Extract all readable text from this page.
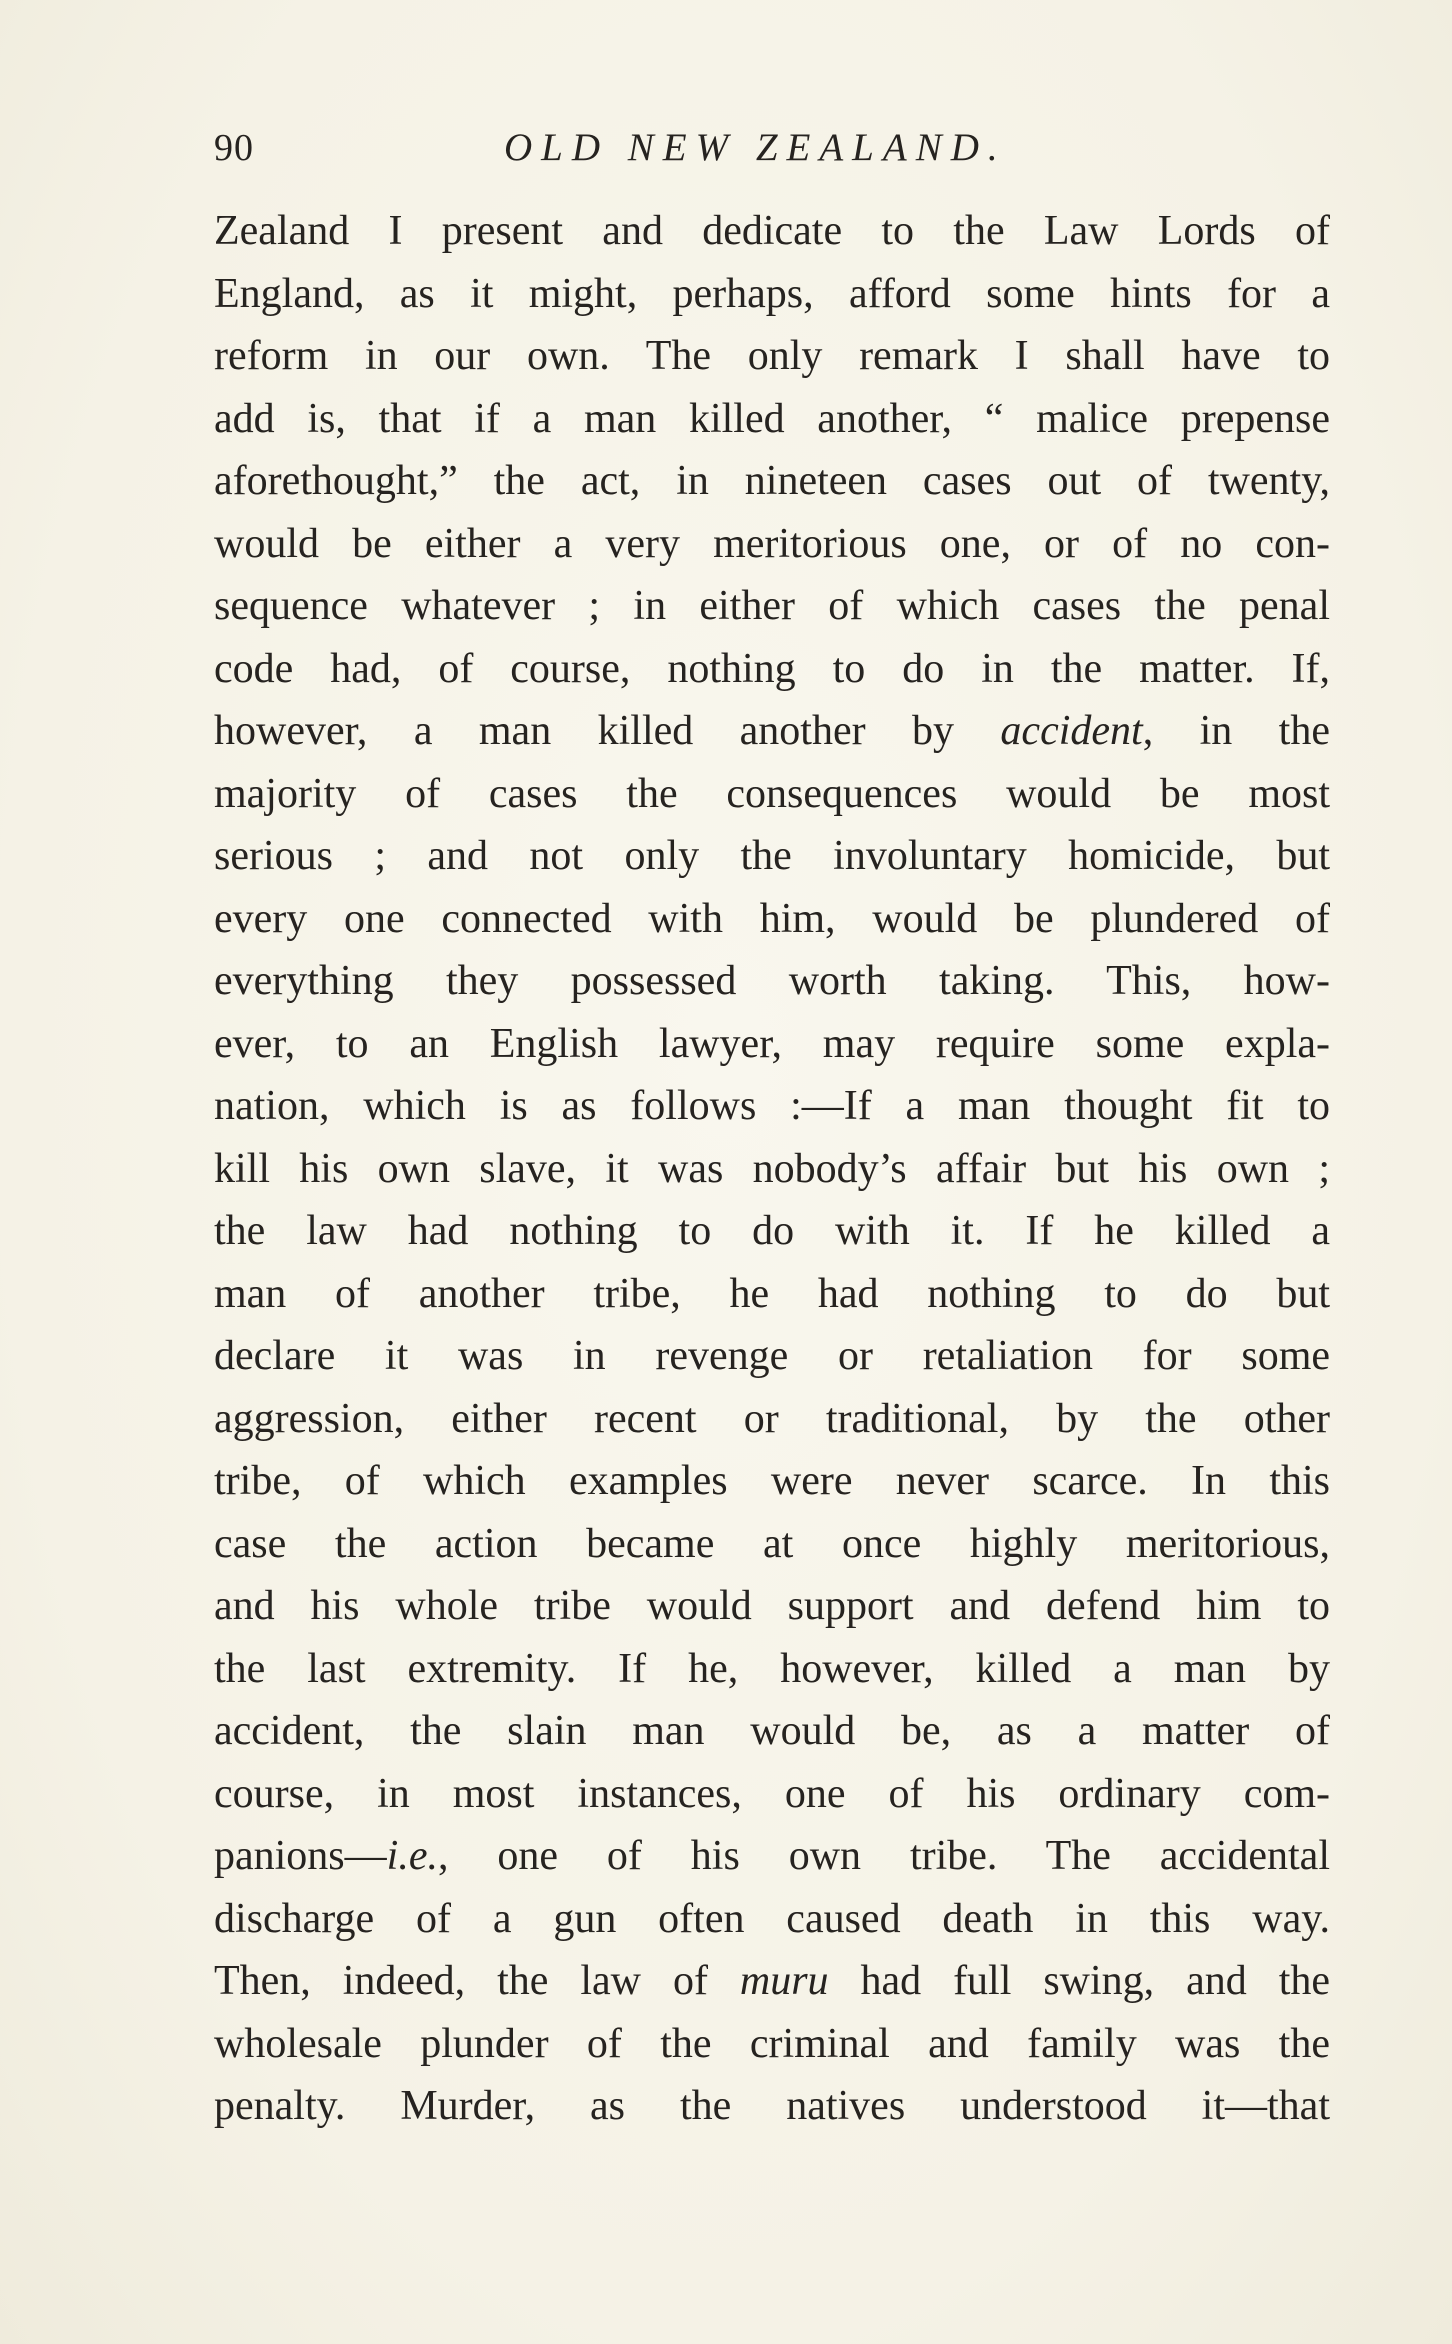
90	OLD NEW ZEALAND.
Zealand I present and dedicate to the Law Lords of
England, as it might, perhaps, afford some hints for a
reform in our own. The only remark I shall have to
add is, that if a man killed another, “ malice prepense
aforethought,” the act, in nineteen cases out of twenty,
would be either a very meritorious one, or of no con-
sequence whatever ; in either of which cases the penal
code had, of course, nothing to do in the matter. If,
however, a man killed another by accident, in the
majority of cases the consequences would be most
serious ; and not only the involuntary homicide, but
every one connected with him, would be plundered of
everything they possessed worth taking. This, how-
ever, to an English lawyer, may require some expla-
nation, which is as follows :—If a man thought fit to
kill his own slave, it was nobody’s affair but his own ;
the law had nothing to do with it. If he killed a
man of another tribe, he had nothing to do but
declare it was in revenge or retaliation for some
aggression, either recent or traditional, by the other
tribe, of which examples were never scarce. In this
case the action became at once highly meritorious,
and his whole tribe would support and defend him to
the last extremity. If he, however, killed a man by
accident, the slain man would be, as a matter of
course, in most instances, one of his ordinary com-
panions—i.e., one of his own tribe. The accidental
discharge of a gun often caused death in this way.
Then, indeed, the law of muru had full swing, and the
wholesale plunder of the criminal and family was the
penalty. Murder, as the natives understood it—that
